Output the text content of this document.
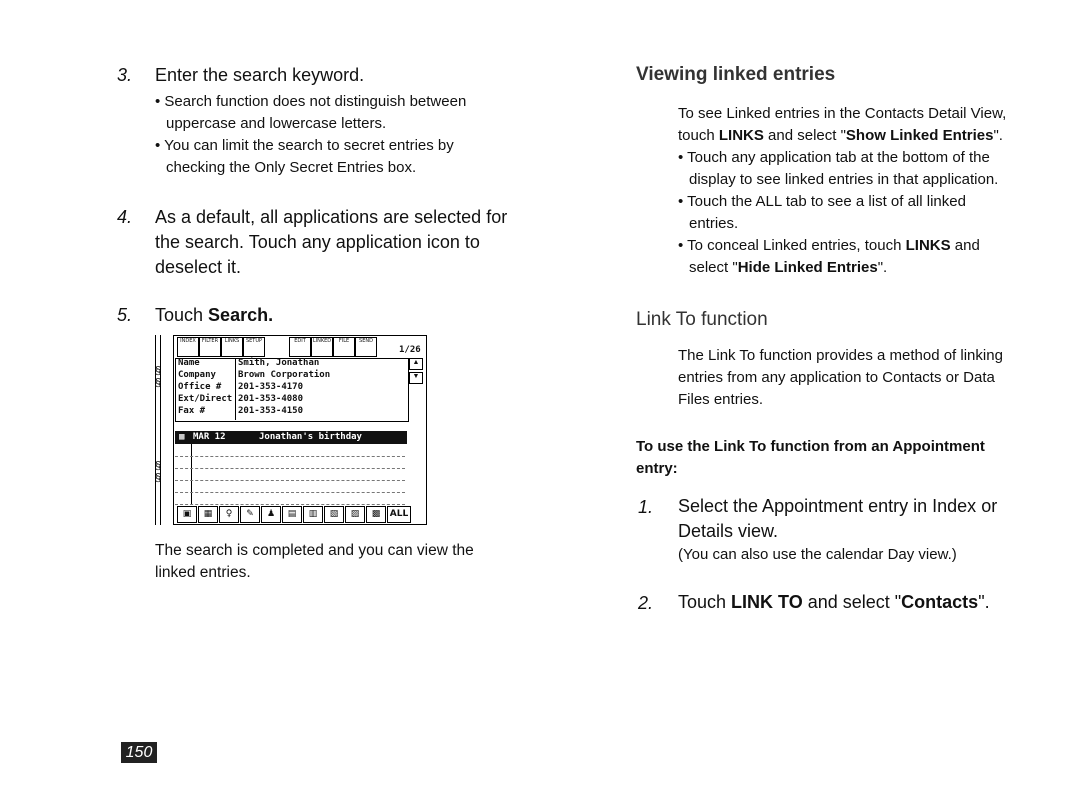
3. Enter the search keyword.
• Search function does not distinguish between
uppercase and lowercase letters.
• You can limit the search to secret entries by
checking the Only Secret Entries box.
4. As a default, all applications are selected for
the search. Touch any application icon to
deselect it.
5. Touch Search.
§
§
§
§
INDEX	FILTER	LINKS	SETUP	EDIT	LINKED	FILE	SEND
1/26
Name	Smith, Jonathan
Company Brown Corporation
Office # 201-353-4170
Ext/Direct 201-353-4080
Fax #	201-353-4150
▲
▼
▦ MAR 12	Jonathan's birthday
▣	▦	♀	✎	♟	▤	▥	▧	▨	▩	ALL
The search is completed and you can view the
linked entries.
Viewing linked entries
To see Linked entries in the Contacts Detail View,
touch LINKS and select "Show Linked Entries".
• Touch any application tab at the bottom of the
display to see linked entries in that application.
• Touch the ALL tab to see a list of all linked
entries.
• To conceal Linked entries, touch LINKS and
select "Hide Linked Entries".
Link To function
The Link To function provides a method of linking
entries from any application to Contacts or Data
Files entries.
To use the Link To function from an Appointment
entry:
1. Select the Appointment entry in Index or
Details view.
(You can also use the calendar Day view.)
2. Touch LINK TO and select "Contacts".
150
